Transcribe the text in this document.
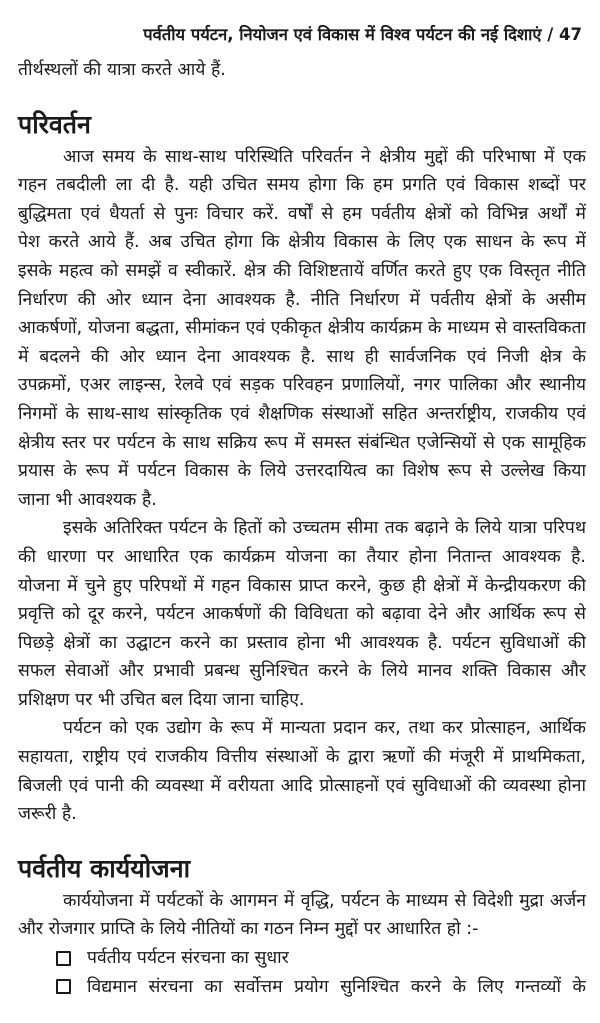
पर्वतीय पर्यटन, नियोजन एवं विकास में विश्व पर्यटन की नई दिशाएं / 47
तीर्थस्थलों की यात्रा करते आये हैं.
परिवर्तन
आज समय के साथ-साथ परिस्थिति परिवर्तन ने क्षेत्रीय मुद्दों की परिभाषा में एक
गहन तबदीली ला दी है. यही उचित समय होगा कि हम प्रगति एवं विकास शब्दों पर
बुद्धिमता एवं धैयर्ता से पुनः विचार करें. वर्षों से हम पर्वतीय क्षेत्रों को विभिन्न अर्थों में
पेश करते आये हैं. अब उचित होगा कि क्षेत्रीय विकास के लिए एक साधन के रूप में
इसके महत्व को समझें व स्वीकारें. क्षेत्र की विशिष्टतायें वर्णित करते हुए एक विस्तृत नीति
निर्धारण की ओर ध्यान देना आवश्यक है. नीति निर्धारण में पर्वतीय क्षेत्रों के असीम
आकर्षणों, योजना बद्धता, सीमांकन एवं एकीकृत क्षेत्रीय कार्यक्रम के माध्यम से वास्तविकता
में बदलने की ओर ध्यान देना आवश्यक है. साथ ही सार्वजनिक एवं निजी क्षेत्र के
उपक्रमों, एअर लाइन्स, रेलवे एवं सड़क परिवहन प्रणालियों, नगर पालिका और स्थानीय
निगमों के साथ-साथ सांस्कृतिक एवं शैक्षणिक संस्थाओं सहित अन्तर्राष्ट्रीय, राजकीय एवं
क्षेत्रीय स्तर पर पर्यटन के साथ सक्रिय रूप में समस्त संबंन्धित एजेन्सियों से एक सामूहिक
प्रयास के रूप में पर्यटन विकास के लिये उत्तरदायित्व का विशेष रूप से उल्लेख किया
जाना भी आवश्यक है.
इसके अतिरिक्त पर्यटन के हितों को उच्चतम सीमा तक बढ़ाने के लिये यात्रा परिपथ
की धारणा पर आधारित एक कार्यक्रम योजना का तैयार होना नितान्त आवश्यक है.
योजना में चुने हुए परिपथों में गहन विकास प्राप्त करने, कुछ ही क्षेत्रों में केन्द्रीयकरण की
प्रवृत्ति को दूर करने, पर्यटन आकर्षणों की विविधता को बढ़ावा देने और आर्थिक रूप से
पिछड़े क्षेत्रों का उद्घाटन करने का प्रस्ताव होना भी आवश्यक है. पर्यटन सुविधाओं की
सफल सेवाओं और प्रभावी प्रबन्ध सुनिश्चित करने के लिये मानव शक्ति विकास और
प्रशिक्षण पर भी उचित बल दिया जाना चाहिए.
पर्यटन को एक उद्योग के रूप में मान्यता प्रदान कर, तथा कर प्रोत्साहन, आर्थिक
सहायता, राष्ट्रीय एवं राजकीय वित्तीय संस्थाओं के द्वारा ऋणों की मंजूरी में प्राथमिकता,
बिजली एवं पानी की व्यवस्था में वरीयता आदि प्रोत्साहनों एवं सुविधाओं की व्यवस्था होना
जरूरी है.
पर्वतीय कार्ययोजना
कार्ययोजना में पर्यटकों के आगमन में वृद्धि, पर्यटन के माध्यम से विदेशी मुद्रा अर्जन
और रोजगार प्राप्ति के लिये नीतियों का गठन निम्न मुद्दों पर आधारित हो :-
पर्वतीय पर्यटन संरचना का सुधार
विद्यमान संरचना का सर्वोत्तम प्रयोग सुनिश्चित करने के लिए गन्तव्यों के
